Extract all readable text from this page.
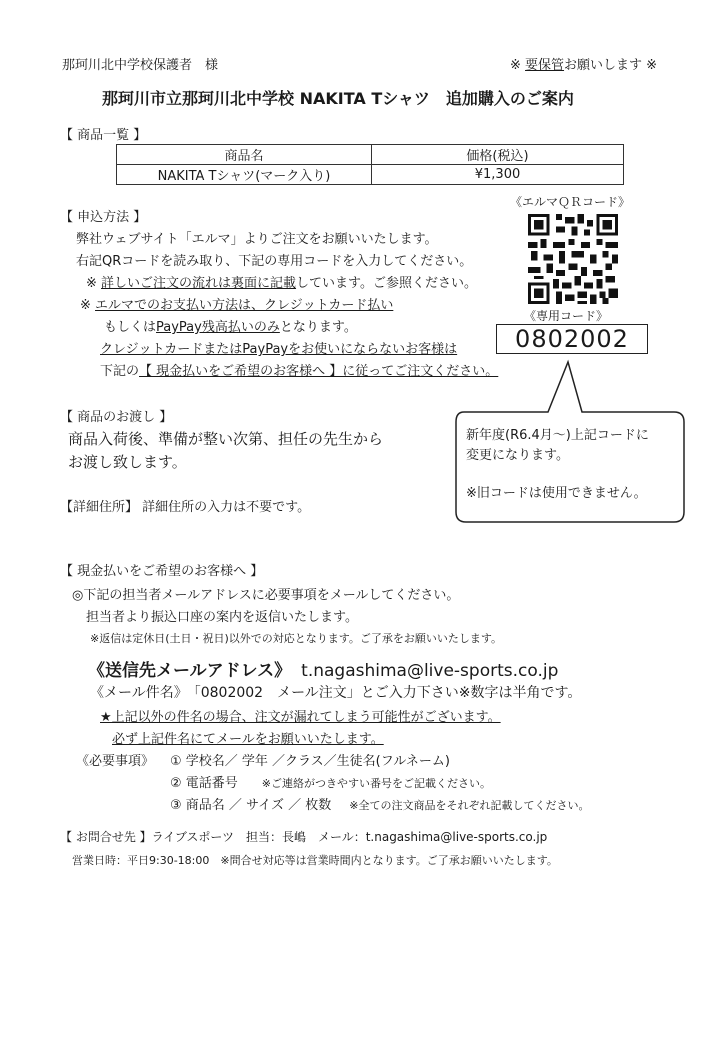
那珂川北中学校保護者　様	※ 要保管お願いします ※
那珂川市立那珂川北中学校 NAKITA Tシャツ　追加購入のご案内
【 商品一覧 】
商品名	価格(税込)
NAKITA Tシャツ(マーク入り)	¥1,300
【 申込方法 】
弊社ウェブサイト「エルマ」よりご注文をお願いいたします。
右記QRコードを読み取り、下記の専用コードを入力してください。
※ 詳しいご注文の流れは裏面に記載しています。ご参照ください。
※ エルマでのお支払い方法は、クレジットカード払い
もしくはPayPay残高払いのみとなります。
クレジットカードまたはPayPayをお使いにならないお客様は
下記の【 現金払いをご希望のお客様へ 】に従ってご注文ください。
《エルマＱＲコード》
《専用コード》
0802002
新年度(R6.4月～)上記コードに
変更になります。
※旧コードは使用できません。
【 商品のお渡し 】
商品入荷後、準備が整い次第、担任の先生から
お渡し致します。
【詳細住所】 詳細住所の入力は不要です。
【 現金払いをご希望のお客様へ 】
◎下記の担当者メールアドレスに必要事項をメールしてください。
担当者より振込口座の案内を返信いたします。
※返信は定休日(土日・祝日)以外での対応となります。ご了承をお願いいたします。
《送信先メールアドレス》 t.nagashima@live-sports.co.jp
《メール件名》 「0802002　メール注文」とご入力下さい※数字は半角です。
★上記以外の件名の場合、注文が漏れてしまう可能性がございます。
必ず上記件名にてメールをお願いいたします。
《必要事項》 ① 学校名／ 学年 ／クラス／生徒名(フルネーム)
② 電話番号 ※ご連絡がつきやすい番号をご記載ください。
③ 商品名 ／ サイズ ／ 枚数 ※全ての注文商品をそれぞれ記載してください。
【 お問合せ先 】ライブスポーツ　担当：長嶋　メール：t.nagashima@live-sports.co.jp
営業日時：平日9:30-18:00　※問合せ対応等は営業時間内となります。ご了承お願いいたします。
